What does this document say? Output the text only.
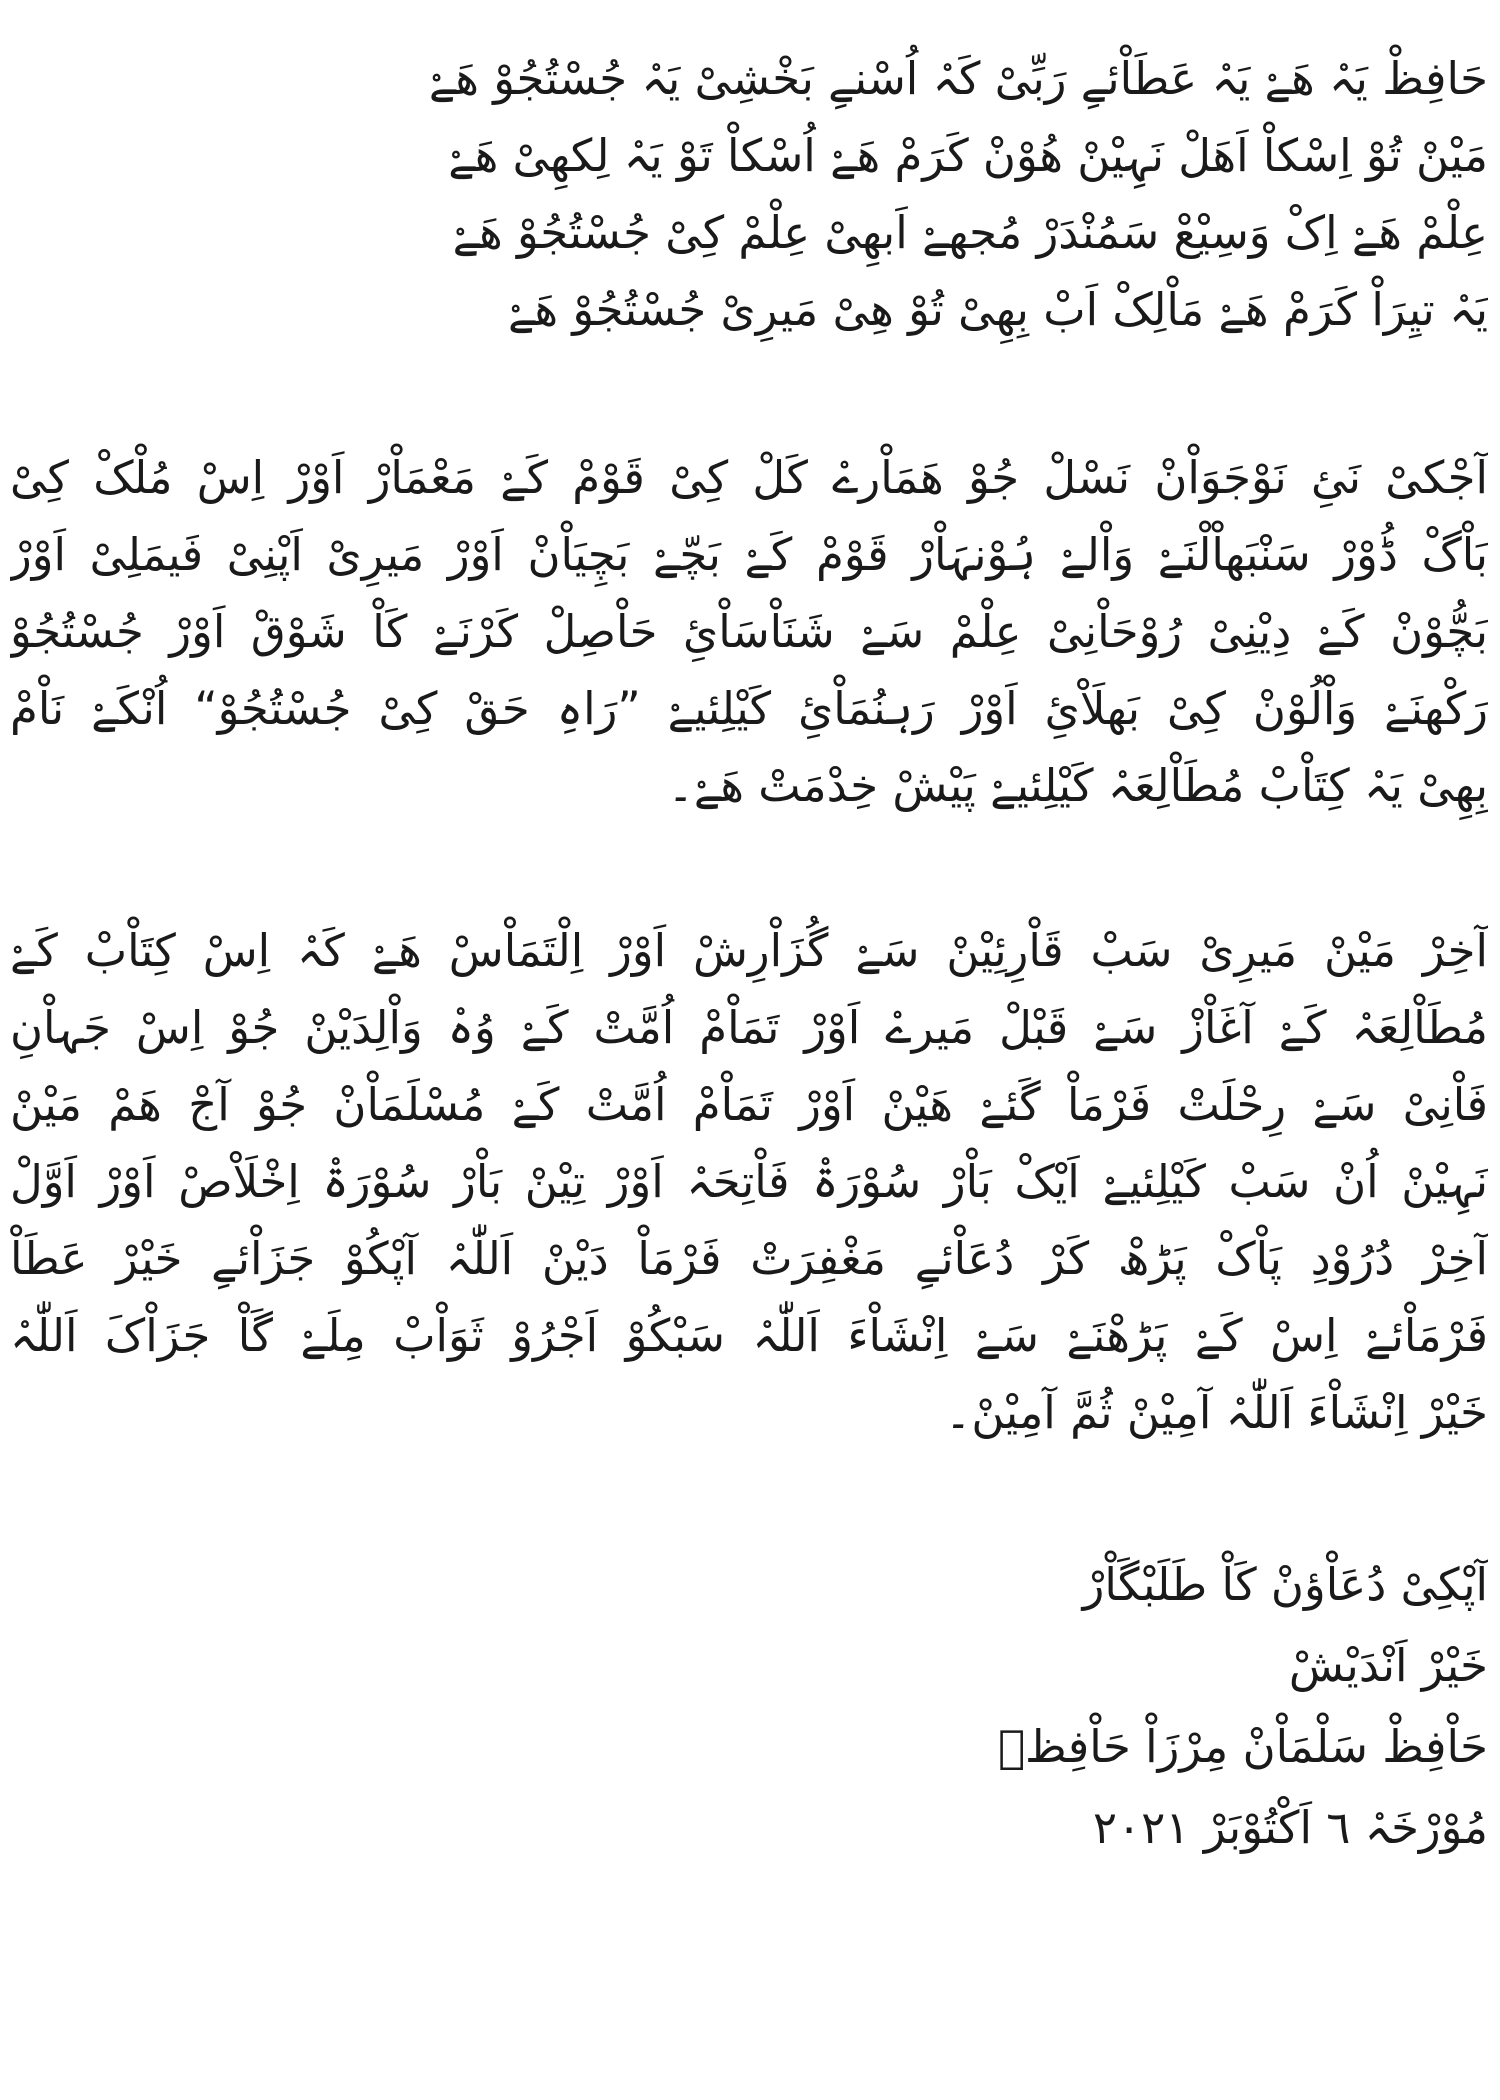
حَافِظْ یَہْ ھَےْ یَہْ عَطَاْئےِ رَبِّیْ کَہْ اُسْنےِ بَخْشِیْ یَہْ جُسْتُجُوْ ھَےْ
مَیْنْ تُوْ اِسْکاْ اَھَلْ نَہِیْنْ ھُوْنْ کَرَمْ ھَےْ اُسْکاْ تَوْ یَہْ لِکھِیْ ھَےْ
عِلْمْ ھَےْ اِکْ وَسِیْعْ سَمُنْدَرْ مُجھےْ اَبھِیْ عِلْمْ کِیْ جُسْتُجُوْ ھَےْ
یَہْ تیِرَاْ کَرَمْ ھَےْ مَاْلِکْ اَبْ بِھِیْ تُوْ ھِیْ مَیرِیْ جُسْتُجُوْ ھَےْ
آجْکیْ نَئِ نَوْجَوَاْنْ نَسْلْ جُوْ ھَمَاْرےْ کَلْ کِیْ قَوْمْ کَےْ مَعْمَاْرْ اَوْرْ اِسْ مُلْکْ کِیْ
بَاْگْ ڈُوْرْ سَنْبَھاْلْنَےْ وَاْلےْ ہُوْنہَاْرْ قَوْمْ کَےْ بَچّےْ بَچِیَاْنْ اَوْرْ مَیرِیْ اَپْنِیْ فَیمَلِیْ اَوْرْ
بَچُّوْنْ کَےْ دِیْنِیْ رُوْحَاْنِیْ عِلْمْ سَےْ شَنَاْسَاْئِ حَاْصِلْ کَرْنَےْ کَاْ شَوْقْ اَوْرْ جُسْتُجُوْ
رَکْھنَےْ وَاْلُوْنْ کِیْ بَھلَاْئِ اَوْرْ رَہنُمَاْئِ کَیْلِئیےْ ”رَاہِ حَقْ کِیْ جُسْتُجُوْ“ اُنْکَےْ نَاْمْ
بِھِیْ یَہْ کِتَاْبْ مُطَاْلِعَہْ کَیْلِئیےْ پَیْشْ خِدْمَتْ ھَےْ۔
آخِرْ مَیْنْ مَیرِیْ سَبْ قَاْرِئِیْنْ سَےْ گُزَاْرِشْ اَوْرْ اِلْتَمَاْسْ ھَےْ کَہْ اِسْ کِتَاْبْ کَےْ
مُطَاْلِعَہْ کَےْ آغَاْزْ سَےْ قَبْلْ مَیرےْ اَوْرْ تَمَاْمْ اُمَّتْ کَےْ وُہْ وَاْلِدَیْنْ جُوْ اِسْ جَہاْنِ
فَاْنِیْ سَےْ رِحْلَتْ فَرْمَاْ گَئےْ ھَیْنْ اَوْرْ تَمَاْمْ اُمَّتْ کَےْ مُسْلَمَاْنْ جُوْ آجْ ھَمْ مَیْنْ
نَہِیْنْ اُنْ سَبْ کَیْلِئیےْ اَیْکْ بَاْرْ سُوْرَۃْ فَاْتِحَہْ اَوْرْ تِیْنْ بَاْرْ سُوْرَۃْ اِخْلَاْصْ اَوْرْ اَوَّلْ
آخِرْ دُرُوْدِ پَاْکْ پَڑھْ کَرْ دُعَاْئےِ مَغْفِرَتْ فَرْمَاْ دَیْنْ اَللّٰہْ آپْکُوْ جَزَاْئےِ خَیْرْ عَطَاْ
فَرْمَاْئےْ اِسْ کَےْ پَڑھْنَےْ سَےْ اِنْشَاْءَ اَللّٰہْ سَبْکُوْ اَجْرُوْ ثَوَاْبْ مِلَےْ گَاْ جَزَاْکَ اَللّٰہْ
خَیْرْ اِنْشَاْءَ اَللّٰہْ آمِیْنْ ثُمَّ آمِیْنْ۔
آپْکِیْ دُعَاْؤنْ کَاْ طَلَبْگَاْرْ
خَیْرْ اَنْدَیْشْ
حَاْفِظْ سَلْمَاْنْ مِرْزَاْ حَاْفِظؔ
مُوْرْخَہْ ٦ اَکْتُوْبَرْ ٢٠٢١
